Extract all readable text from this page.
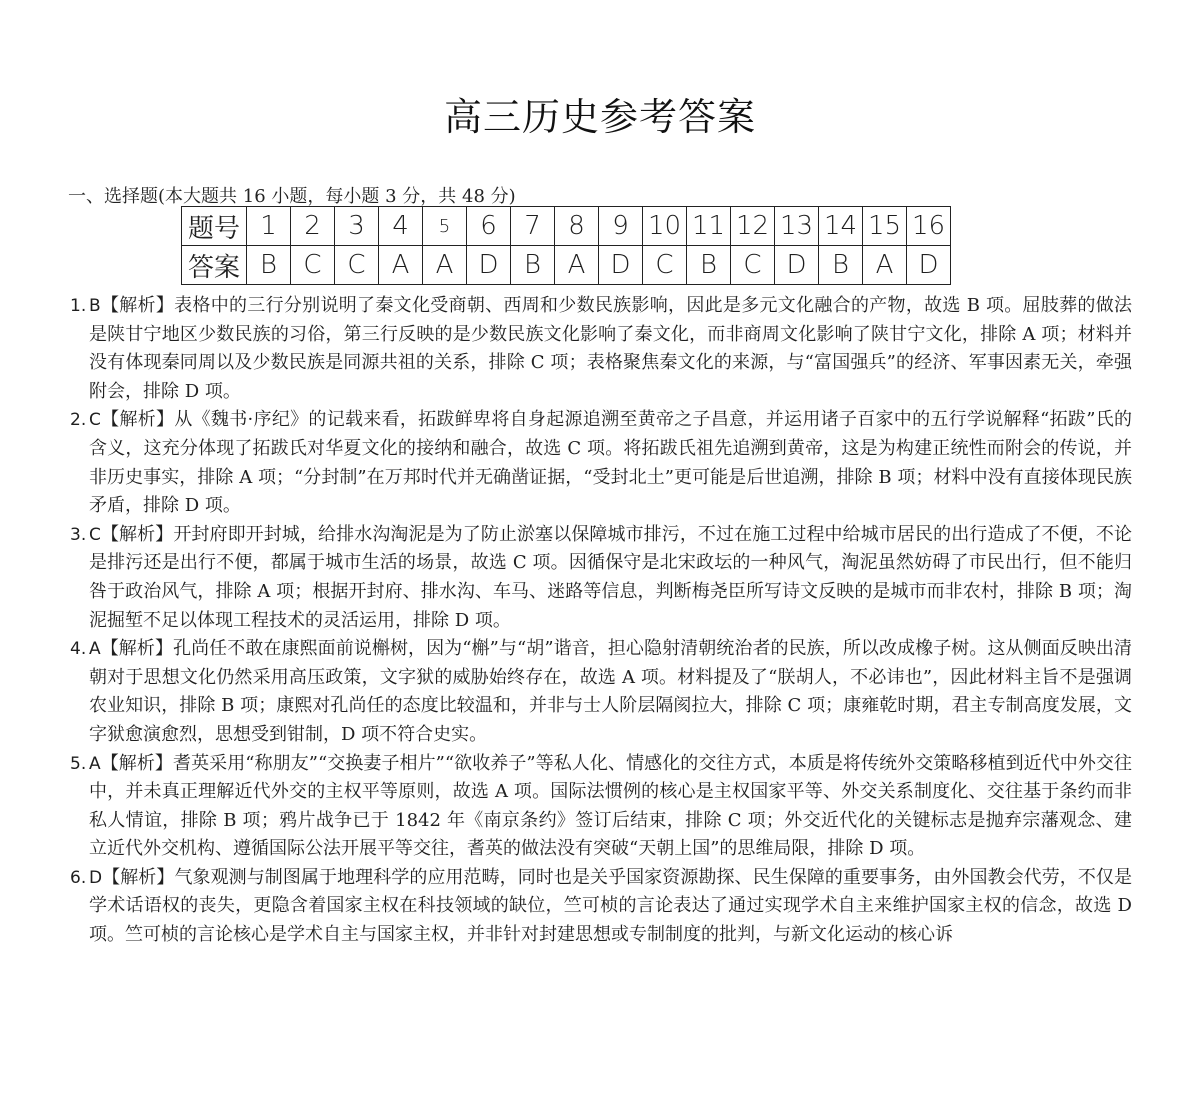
高三历史参考答案
一、选择题(本大题共 16 小题，每小题 3 分，共 48 分)
题号	1	2	3	4	5	6	7	8	9	10	11	12	13	14	15	16
答案	B	C	C	A	A	D	B	A	D	C	B	C	D	B	A	D
1. B【解析】表格中的三行分别说明了秦文化受商朝、西周和少数民族影响，因此是多元文化融合的产物，故选 B 项。屈肢葬的做法是陕甘宁地区少数民族的习俗，第三行反映的是少数民族文化影响了秦文化，而非商周文化影响了陕甘宁文化，排除 A 项；材料并没有体现秦同周以及少数民族是同源共祖的关系，排除 C 项；表格聚焦秦文化的来源，与“富国强兵”的经济、军事因素无关，牵强附会，排除 D 项。
2. C【解析】从《魏书·序纪》的记载来看，拓跋鲜卑将自身起源追溯至黄帝之子昌意，并运用诸子百家中的五行学说解释“拓跋”氏的含义，这充分体现了拓跋氏对华夏文化的接纳和融合，故选 C 项。将拓跋氏祖先追溯到黄帝，这是为构建正统性而附会的传说，并非历史事实，排除 A 项；“分封制”在万邦时代并无确凿证据，“受封北土”更可能是后世追溯，排除 B 项；材料中没有直接体现民族矛盾，排除 D 项。
3. C【解析】开封府即开封城，给排水沟淘泥是为了防止淤塞以保障城市排污，不过在施工过程中给城市居民的出行造成了不便，不论是排污还是出行不便，都属于城市生活的场景，故选 C 项。因循保守是北宋政坛的一种风气，淘泥虽然妨碍了市民出行，但不能归咎于政治风气，排除 A 项；根据开封府、排水沟、车马、迷路等信息，判断梅尧臣所写诗文反映的是城市而非农村，排除 B 项；淘泥掘堑不足以体现工程技术的灵活运用，排除 D 项。
4. A【解析】孔尚任不敢在康熙面前说槲树，因为“槲”与“胡”谐音，担心隐射清朝统治者的民族，所以改成橡子树。这从侧面反映出清朝对于思想文化仍然采用高压政策，文字狱的威胁始终存在，故选 A 项。材料提及了“朕胡人，不必讳也”，因此材料主旨不是强调农业知识，排除 B 项；康熙对孔尚任的态度比较温和，并非与士人阶层隔阂拉大，排除 C 项；康雍乾时期，君主专制高度发展，文字狱愈演愈烈，思想受到钳制，D 项不符合史实。
5. A【解析】耆英采用“称朋友”“交换妻子相片”“欲收养子”等私人化、情感化的交往方式，本质是将传统外交策略移植到近代中外交往中，并未真正理解近代外交的主权平等原则，故选 A 项。国际法惯例的核心是主权国家平等、外交关系制度化、交往基于条约而非私人情谊，排除 B 项；鸦片战争已于 1842 年《南京条约》签订后结束，排除 C 项；外交近代化的关键标志是抛弃宗藩观念、建立近代外交机构、遵循国际公法开展平等交往，耆英的做法没有突破“天朝上国”的思维局限，排除 D 项。
6. D【解析】气象观测与制图属于地理科学的应用范畴，同时也是关乎国家资源勘探、民生保障的重要事务，由外国教会代劳，不仅是学术话语权的丧失，更隐含着国家主权在科技领域的缺位，竺可桢的言论表达了通过实现学术自主来维护国家主权的信念，故选 D 项。竺可桢的言论核心是学术自主与国家主权，并非针对封建思想或专制制度的批判，与新文化运动的核心诉
